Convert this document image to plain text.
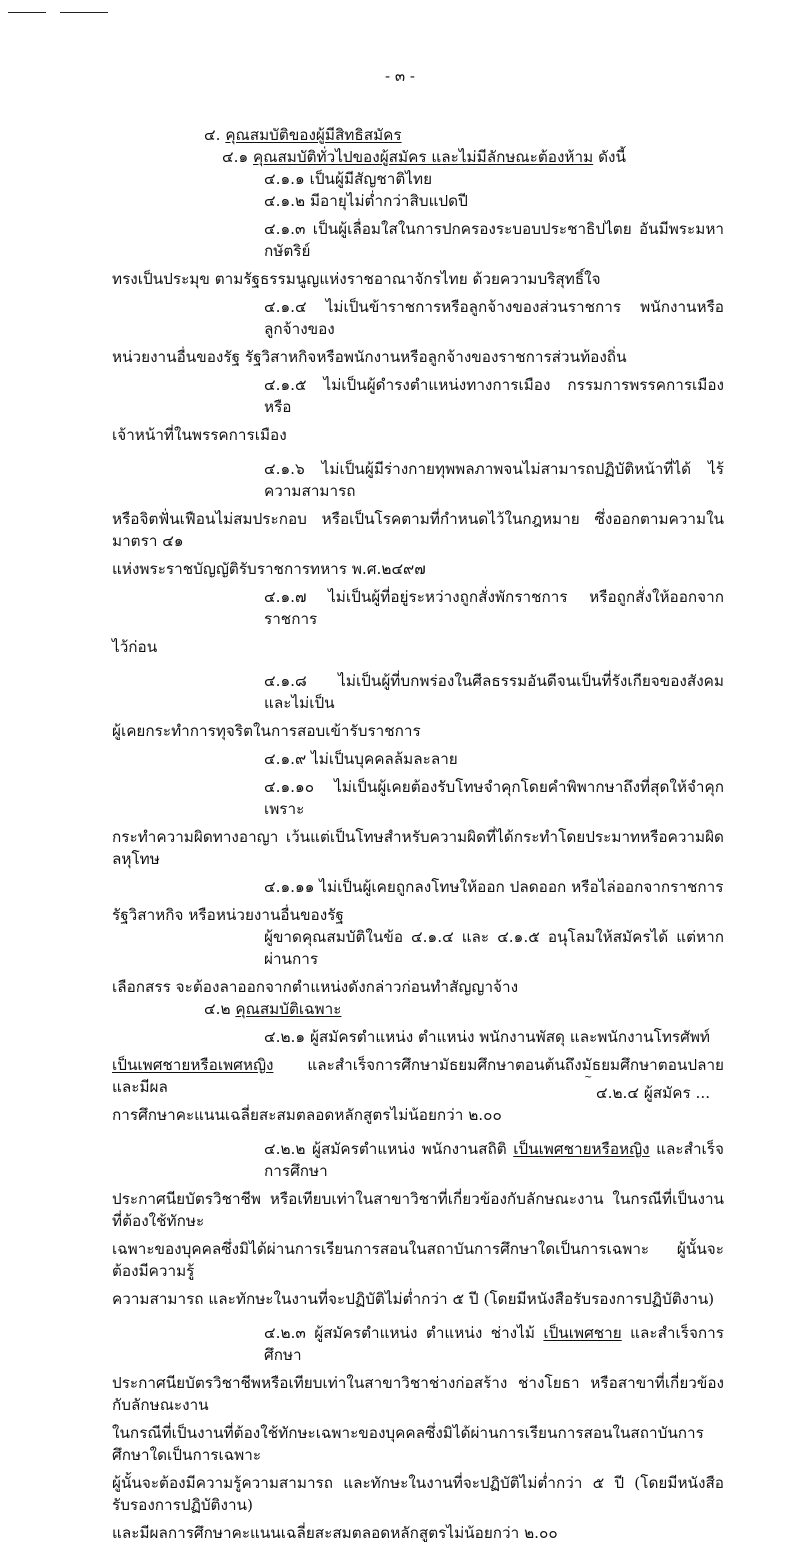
- ๓ -

๔. คุณสมบัติของผู้มีสิทธิสมัคร

๔.๑ คุณสมบัติทั่วไปของผู้สมัคร และไม่มีลักษณะต้องห้าม ดังนี้

๔.๑.๑ เป็นผู้มีสัญชาติไทย

๔.๑.๒ มีอายุไม่ต่ำกว่าสิบแปดปี

๔.๑.๓ เป็นผู้เลื่อมใสในการปกครองระบอบประชาธิปไตย อันมีพระมหากษัตริย์

ทรงเป็นประมุข ตามรัฐธรรมนูญแห่งราชอาณาจักรไทย ด้วยความบริสุทธิ์ใจ

๔.๑.๔ ไม่เป็นข้าราชการหรือลูกจ้างของส่วนราชการ พนักงานหรือลูกจ้างของ

หน่วยงานอื่นของรัฐ รัฐวิสาหกิจหรือพนักงานหรือลูกจ้างของราชการส่วนท้องถิ่น

๔.๑.๕ ไม่เป็นผู้ดำรงตำแหน่งทางการเมือง กรรมการพรรคการเมือง หรือ

เจ้าหน้าที่ในพรรคการเมือง

๔.๑.๖ ไม่เป็นผู้มีร่างกายทุพพลภาพจนไม่สามารถปฏิบัติหน้าที่ได้ ไร้ความสามารถ

หรือจิตฟั่นเฟือนไม่สมประกอบ หรือเป็นโรคตามที่กำหนดไว้ในกฎหมาย ซึ่งออกตามความในมาตรา ๔๑

แห่งพระราชบัญญัติรับราชการทหาร พ.ศ.๒๔๙๗

๔.๑.๗ ไม่เป็นผู้ที่อยู่ระหว่างถูกสั่งพักราชการ หรือถูกสั่งให้ออกจากราชการ

ไว้ก่อน

๔.๑.๘ ไม่เป็นผู้ที่บกพร่องในศีลธรรมอันดีจนเป็นที่รังเกียจของสังคม และไม่เป็น

ผู้เคยกระทำการทุจริตในการสอบเข้ารับราชการ

๔.๑.๙ ไม่เป็นบุคคลล้มละลาย

๔.๑.๑๐ ไม่เป็นผู้เคยต้องรับโทษจำคุกโดยคำพิพากษาถึงที่สุดให้จำคุกเพราะ

กระทำความผิดทางอาญา เว้นแต่เป็นโทษสำหรับความผิดที่ได้กระทำโดยประมาทหรือความผิดลหุโทษ

๔.๑.๑๑ ไม่เป็นผู้เคยถูกลงโทษให้ออก ปลดออก หรือไล่ออกจากราชการ

รัฐวิสาหกิจ หรือหน่วยงานอื่นของรัฐ

ผู้ขาดคุณสมบัติในข้อ ๔.๑.๔ และ ๔.๑.๕ อนุโลมให้สมัครได้ แต่หากผ่านการ

เลือกสรร จะต้องลาออกจากตำแหน่งดังกล่าวก่อนทำสัญญาจ้าง

๔.๒ คุณสมบัติเฉพาะ

๔.๒.๑ ผู้สมัครตำแหน่ง ตำแหน่ง พนักงานพัสดุ และพนักงานโทรศัพท์

เป็นเพศชายหรือเพศหญิง และสำเร็จการศึกษามัธยมศึกษาตอนต้นถึงมัธยมศึกษาตอนปลาย และมีผล

การศึกษาคะแนนเฉลี่ยสะสมตลอดหลักสูตรไม่น้อยกว่า ๒.๐๐

๔.๒.๒ ผู้สมัครตำแหน่ง พนักงานสถิติ เป็นเพศชายหรือหญิง และสำเร็จการศึกษา

ประกาศนียบัตรวิชาชีพ หรือเทียบเท่าในสาขาวิชาที่เกี่ยวข้องกับลักษณะงาน ในกรณีที่เป็นงานที่ต้องใช้ทักษะ

เฉพาะของบุคคลซึ่งมิได้ผ่านการเรียนการสอนในสถาบันการศึกษาใดเป็นการเฉพาะ ผู้นั้นจะต้องมีความรู้

ความสามารถ และทักษะในงานที่จะปฏิบัติไม่ต่ำกว่า ๕ ปี (โดยมีหนังสือรับรองการปฏิบัติงาน)

๔.๒.๓ ผู้สมัครตำแหน่ง ตำแหน่ง ช่างไม้ เป็นเพศชาย และสำเร็จการศึกษา

ประกาศนียบัตรวิชาชีพหรือเทียบเท่าในสาขาวิชาช่างก่อสร้าง ช่างโยธา หรือสาขาที่เกี่ยวข้องกับลักษณะงาน

ในกรณีที่เป็นงานที่ต้องใช้ทักษะเฉพาะของบุคคลซึ่งมิได้ผ่านการเรียนการสอนในสถาบันการศึกษาใดเป็นการเฉพาะ

ผู้นั้นจะต้องมีความรู้ความสามารถ และทักษะในงานที่จะปฏิบัติไม่ต่ำกว่า ๕ ปี (โดยมีหนังสือรับรองการปฏิบัติงาน)

และมีผลการศึกษาคะแนนเฉลี่ยสะสมตลอดหลักสูตรไม่น้อยกว่า ๒.๐๐

~
๔.๒.๔ ผู้สมัคร ...
